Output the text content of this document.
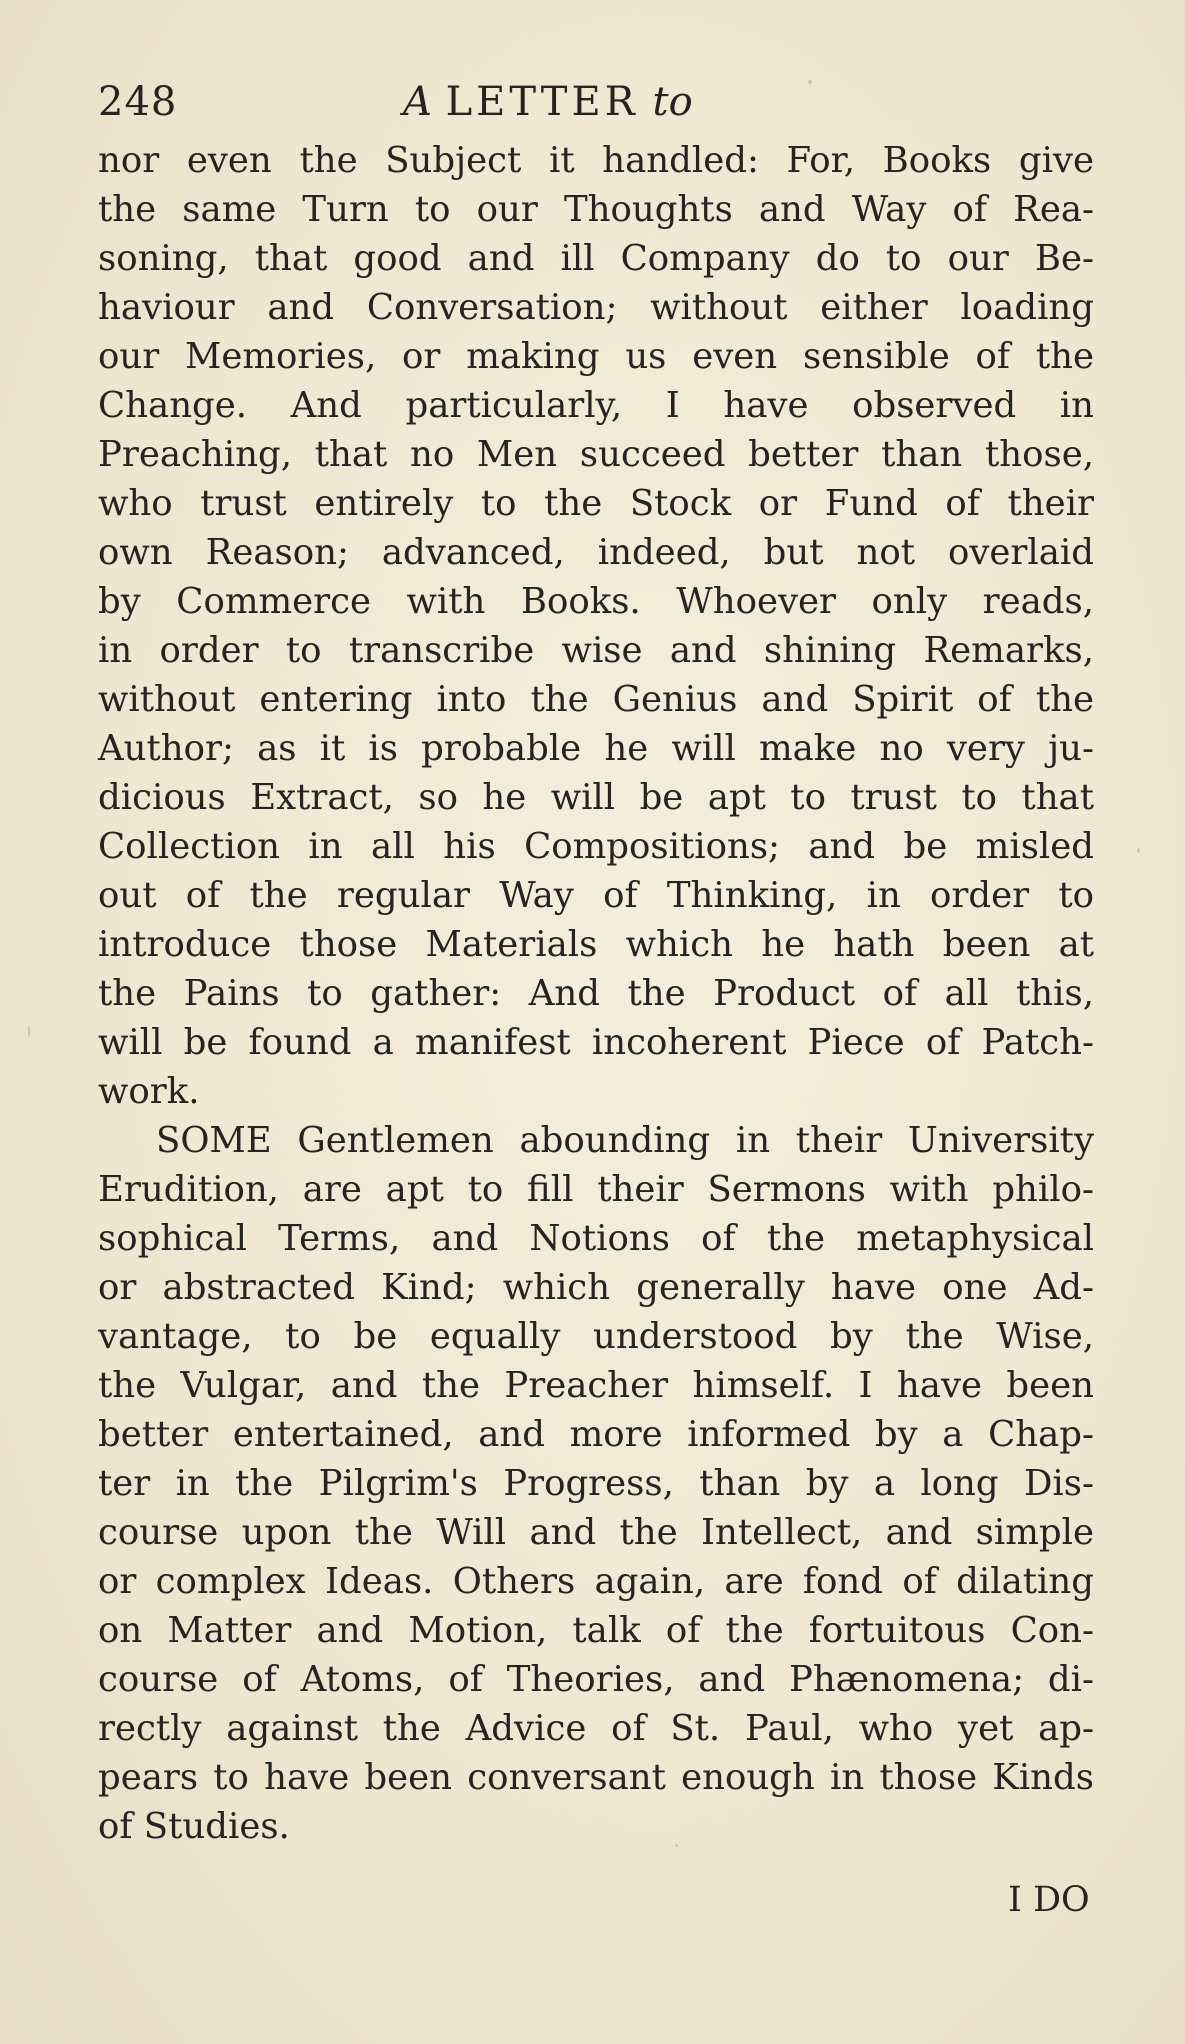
248	A LETTER to
nor even the Subject it handled: For, Books give
the same Turn to our Thoughts and Way of Rea-
soning, that good and ill Company do to our Be-
haviour and Conversation; without either loading
our Memories, or making us even sensible of the
Change. And particularly, I have observed in
Preaching, that no Men succeed better than those,
who trust entirely to the Stock or Fund of their
own Reason; advanced, indeed, but not overlaid
by Commerce with Books. Whoever only reads,
in order to transcribe wise and shining Remarks,
without entering into the Genius and Spirit of the
Author; as it is probable he will make no very ju-
dicious Extract, so he will be apt to trust to that
Collection in all his Compositions; and be misled
out of the regular Way of Thinking, in order to
introduce those Materials which he hath been at
the Pains to gather: And the Product of all this,
will be found a manifest incoherent Piece of Patch-
work.
SOME Gentlemen abounding in their University
Erudition, are apt to fill their Sermons with philo-
sophical Terms, and Notions of the metaphysical
or abstracted Kind; which generally have one Ad-
vantage, to be equally understood by the Wise,
the Vulgar, and the Preacher himself. I have been
better entertained, and more informed by a Chap-
ter in the Pilgrim's Progress, than by a long Dis-
course upon the Will and the Intellect, and simple
or complex Ideas. Others again, are fond of dilating
on Matter and Motion, talk of the fortuitous Con-
course of Atoms, of Theories, and Phænomena; di-
rectly against the Advice of St. Paul, who yet ap-
pears to have been conversant enough in those Kinds
of Studies.
I DO
